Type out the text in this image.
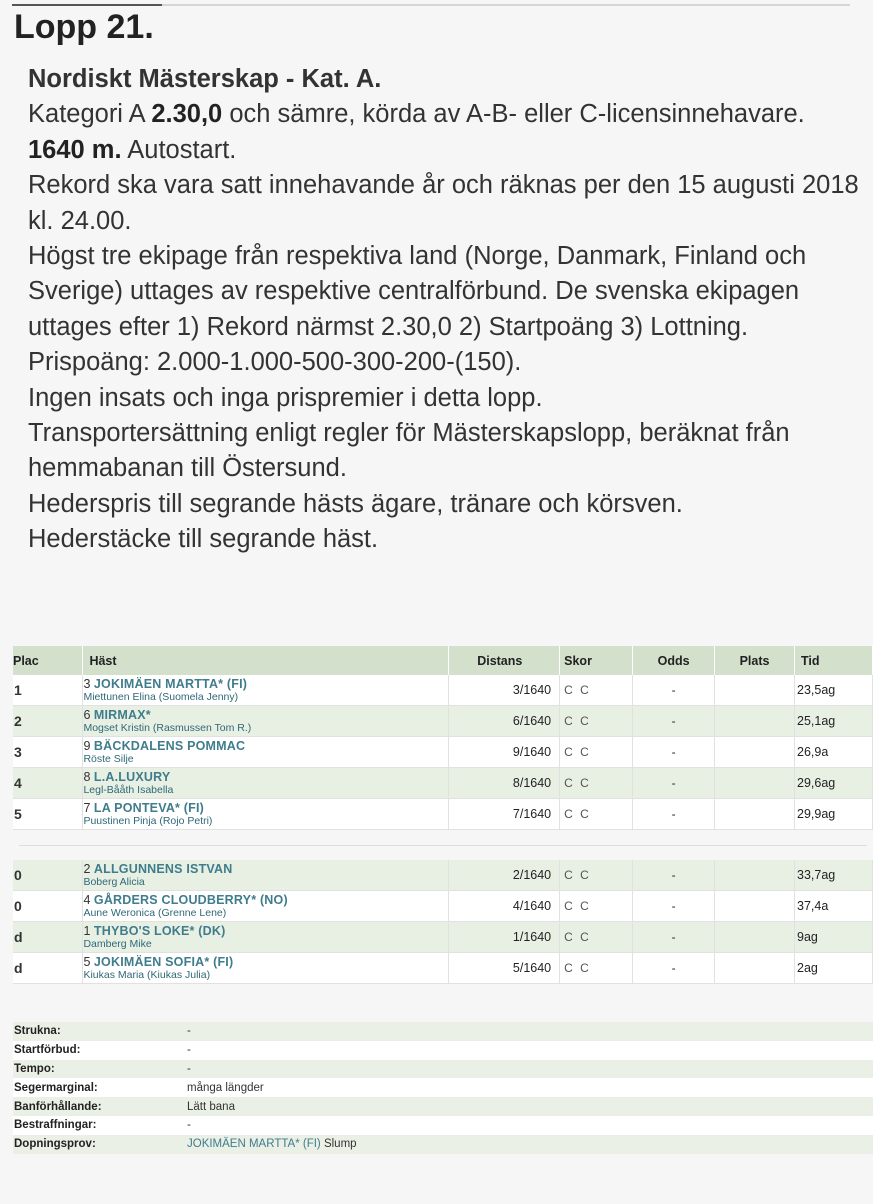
Lopp 21.
Nordiskt Mästerskap - Kat. A.
Kategori A 2.30,0 och sämre, körda av A-B- eller C-licensinnehavare.
1640 m. Autostart.
Rekord ska vara satt innehavande år och räknas per den 15 augusti 2018 kl. 24.00.
Högst tre ekipage från respektiva land (Norge, Danmark, Finland och Sverige) uttages av respektive centralförbund. De svenska ekipagen uttages efter 1) Rekord närmst 2.30,0 2) Startpoäng 3) Lottning.
Prispoäng: 2.000-1.000-500-300-200-(150).
Ingen insats och inga prispremier i detta lopp.
Transportersättning enligt regler för Mästerskapslopp, beräknat från hemmabanan till Östersund.
Hederspris till segrande hästs ägare, tränare och körsven.
Hederstäcke till segrande häst.
Plac	Häst	Distans	Skor	Odds	Plats	Tid
1	3 JOKIMÄEN MARTTA* (FI)
Miettunen Elina (Suomela Jenny)	3/1640	C C	-		23,5ag
2	6 MIRMAX*
Mogset Kristin (Rasmussen Tom R.)	6/1640	C C	-		25,1ag
3	9 BÄCKDALENS POMMAC
Röste Silje	9/1640	C C	-		26,9a
4	8 L.A.LUXURY
Legl-Bååth Isabella	8/1640	C C	-		29,6ag
5	7 LA PONTEVA* (FI)
Puustinen Pinja (Rojo Petri)	7/1640	C C	-		29,9ag

0	2 ALLGUNNENS ISTVAN
Boberg Alicia	2/1640	C C	-		33,7ag
0	4 GÅRDERS CLOUDBERRY* (NO)
Aune Weronica (Grenne Lene)	4/1640	C C	-		37,4a
d	1 THYBO'S LOKE* (DK)
Damberg Mike	1/1640	C C	-		9ag
d	5 JOKIMÄEN SOFIA* (FI)
Kiukas Maria (Kiukas Julia)	5/1640	C C	-		2ag
Strukna:	-
Startförbud:	-
Tempo:	-
Segermarginal:	många längder
Banförhållande:	Lätt bana
Bestraffningar:	-
Dopningsprov:	JOKIMÄEN MARTTA* (FI) Slump
